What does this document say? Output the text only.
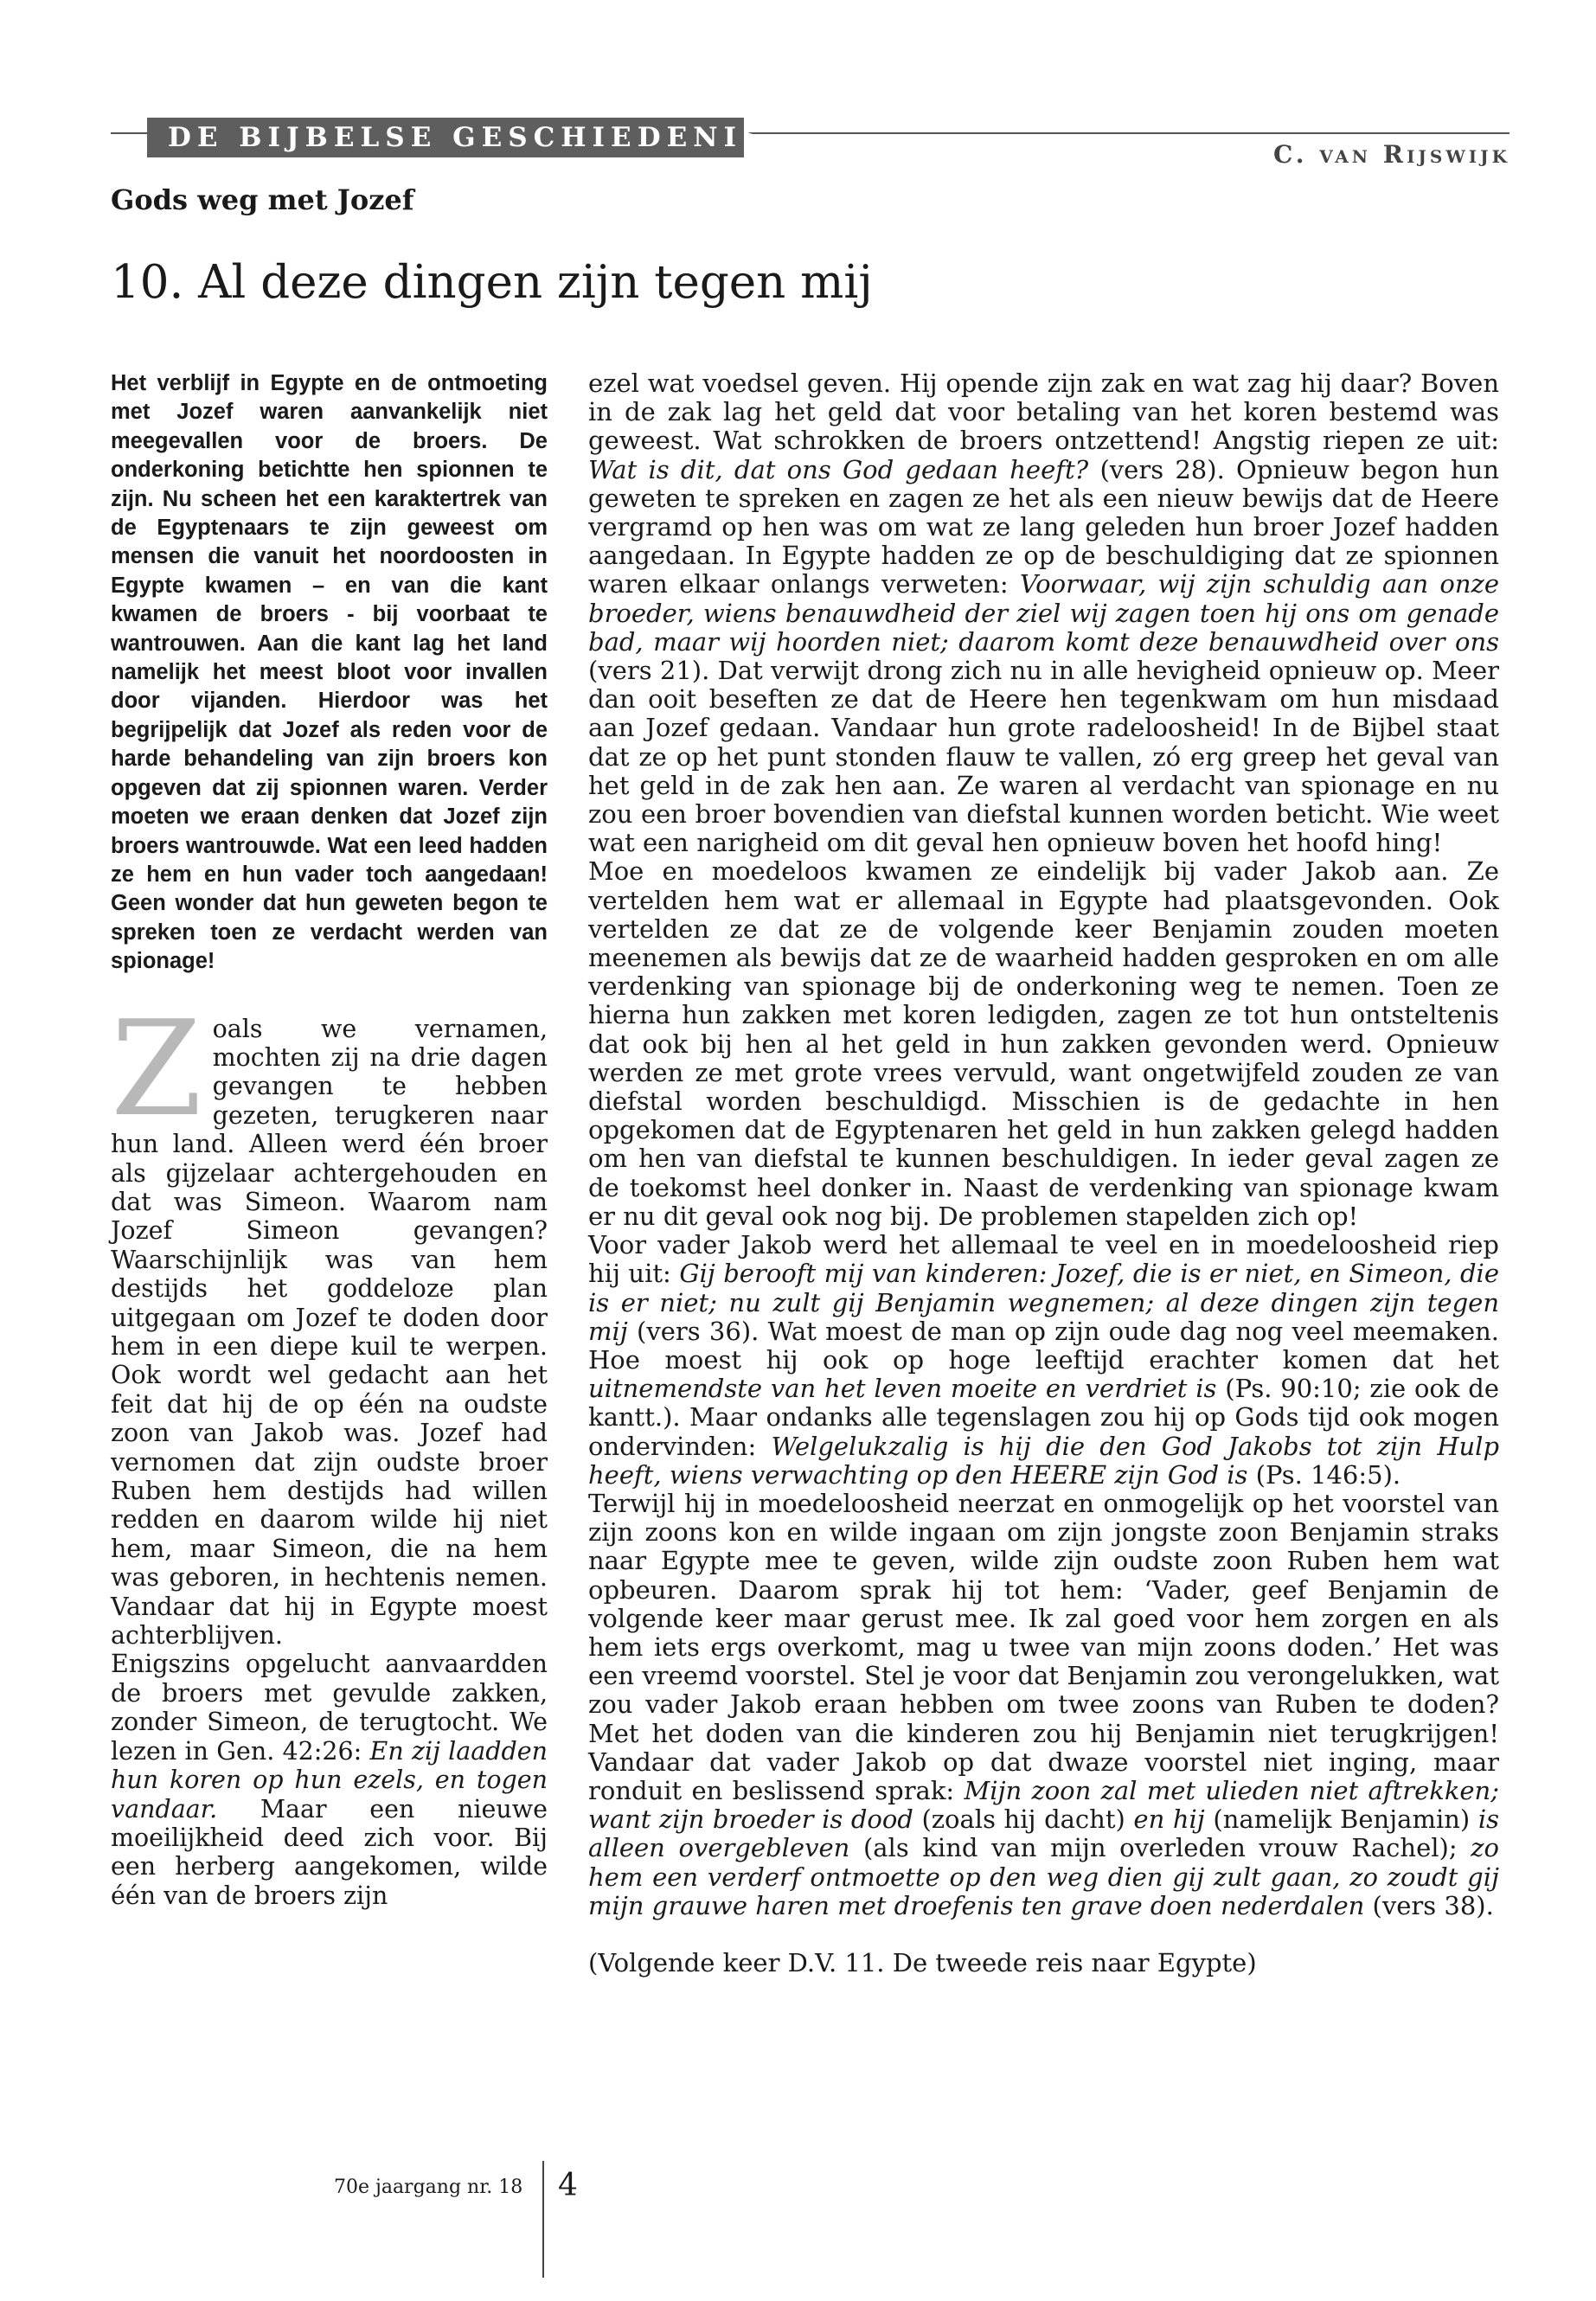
DE BIJBELSE GESCHIEDENIS
C. van Rijswijk
Gods weg met Jozef
10. Al deze dingen zijn tegen mij

Het verblijf in Egypte en de ontmoeting met Jozef waren aanvankelijk niet meegevallen voor de broers. De onderkoning betichtte hen spionnen te zijn. Nu scheen het een karaktertrek van de Egyptenaars te zijn geweest om mensen die vanuit het noordoosten in Egypte kwamen – en van die kant kwamen de broers - bij voorbaat te wantrouwen. Aan die kant lag het land namelijk het meest bloot voor invallen door vijanden. Hierdoor was het begrijpelijk dat Jozef als reden voor de harde behandeling van zijn broers kon opgeven dat zij spionnen waren. Verder moeten we eraan denken dat Jozef zijn broers wantrouwde. Wat een leed hadden ze hem en hun vader toch aangedaan! Geen wonder dat hun geweten begon te spreken toen ze verdacht werden van spionage!

Zoals we vernamen, mochten zij na drie dagen gevangen te hebben gezeten, terugkeren naar hun land. Alleen werd één broer als gijzelaar achtergehouden en dat was Simeon. Waarom nam Jozef Simeon gevangen? Waarschijnlijk was van hem destijds het goddeloze plan uitgegaan om Jozef te doden door hem in een diepe kuil te werpen. Ook wordt wel gedacht aan het feit dat hij de op één na oudste zoon van Jakob was. Jozef had vernomen dat zijn oudste broer Ruben hem destijds had willen redden en daarom wilde hij niet hem, maar Simeon, die na hem was geboren, in hechtenis nemen. Vandaar dat hij in Egypte moest achterblijven.

Enigszins opgelucht aanvaardden de broers met gevulde zakken, zonder Simeon, de terugtocht. We lezen in Gen. 42:26: En zij laadden hun koren op hun ezels, en togen vandaar. Maar een nieuwe moeilijkheid deed zich voor. Bij een herberg aangekomen, wilde één van de broers zijn

ezel wat voedsel geven. Hij opende zijn zak en wat zag hij daar? Boven in de zak lag het geld dat voor betaling van het koren bestemd was geweest. Wat schrokken de broers ontzettend! Angstig riepen ze uit: Wat is dit, dat ons God gedaan heeft? (vers 28). Opnieuw begon hun geweten te spreken en zagen ze het als een nieuw bewijs dat de Heere vergramd op hen was om wat ze lang geleden hun broer Jozef hadden aangedaan. In Egypte hadden ze op de beschuldiging dat ze spionnen waren elkaar onlangs verweten: Voorwaar, wij zijn schuldig aan onze broeder, wiens benauwdheid der ziel wij zagen toen hij ons om genade bad, maar wij hoorden niet; daarom komt deze benauwdheid over ons (vers 21). Dat verwijt drong zich nu in alle hevigheid opnieuw op. Meer dan ooit beseften ze dat de Heere hen tegenkwam om hun misdaad aan Jozef gedaan. Vandaar hun grote radeloosheid! In de Bijbel staat dat ze op het punt stonden flauw te vallen, zó erg greep het geval van het geld in de zak hen aan. Ze waren al verdacht van spionage en nu zou een broer bovendien van diefstal kunnen worden beticht. Wie weet wat een narigheid om dit geval hen opnieuw boven het hoofd hing!

Moe en moedeloos kwamen ze eindelijk bij vader Jakob aan. Ze vertelden hem wat er allemaal in Egypte had plaatsgevonden. Ook vertelden ze dat ze de volgende keer Benjamin zouden moeten meenemen als bewijs dat ze de waarheid hadden gesproken en om alle verdenking van spionage bij de onderkoning weg te nemen. Toen ze hierna hun zakken met koren ledigden, zagen ze tot hun ontsteltenis dat ook bij hen al het geld in hun zakken gevonden werd. Opnieuw werden ze met grote vrees vervuld, want ongetwijfeld zouden ze van diefstal worden beschuldigd. Misschien is de gedachte in hen opgekomen dat de Egyptenaren het geld in hun zakken gelegd hadden om hen van diefstal te kunnen beschuldigen. In ieder geval zagen ze de toekomst heel donker in. Naast de verdenking van spionage kwam er nu dit geval ook nog bij. De problemen stapelden zich op!

Voor vader Jakob werd het allemaal te veel en in moedeloosheid riep hij uit: Gij berooft mij van kinderen: Jozef, die is er niet, en Simeon, die is er niet; nu zult gij Benjamin wegnemen; al deze dingen zijn tegen mij (vers 36). Wat moest de man op zijn oude dag nog veel meemaken. Hoe moest hij ook op hoge leeftijd erachter komen dat het uitnemendste van het leven moeite en verdriet is (Ps. 90:10; zie ook de kantt.). Maar ondanks alle tegenslagen zou hij op Gods tijd ook mogen ondervinden: Welgelukzalig is hij die den God Jakobs tot zijn Hulp heeft, wiens verwachting op den HEERE zijn God is (Ps. 146:5).

Terwijl hij in moedeloosheid neerzat en onmogelijk op het voorstel van zijn zoons kon en wilde ingaan om zijn jongste zoon Benjamin straks naar Egypte mee te geven, wilde zijn oudste zoon Ruben hem wat opbeuren. Daarom sprak hij tot hem: ‘Vader, geef Benjamin de volgende keer maar gerust mee. Ik zal goed voor hem zorgen en als hem iets ergs overkomt, mag u twee van mijn zoons doden.’ Het was een vreemd voorstel. Stel je voor dat Benjamin zou verongelukken, wat zou vader Jakob eraan hebben om twee zoons van Ruben te doden? Met het doden van die kinderen zou hij Benjamin niet terugkrijgen! Vandaar dat vader Jakob op dat dwaze voorstel niet inging, maar ronduit en beslissend sprak: Mijn zoon zal met ulieden niet aftrekken; want zijn broeder is dood (zoals hij dacht) en hij (namelijk Benjamin) is alleen overgebleven (als kind van mijn overleden vrouw Rachel); zo hem een verderf ontmoette op den weg dien gij zult gaan, zo zoudt gij mijn grauwe haren met droefenis ten grave doen nederdalen (vers 38).

(Volgende keer D.V. 11. De tweede reis naar Egypte)

70e jaargang nr. 18 4
